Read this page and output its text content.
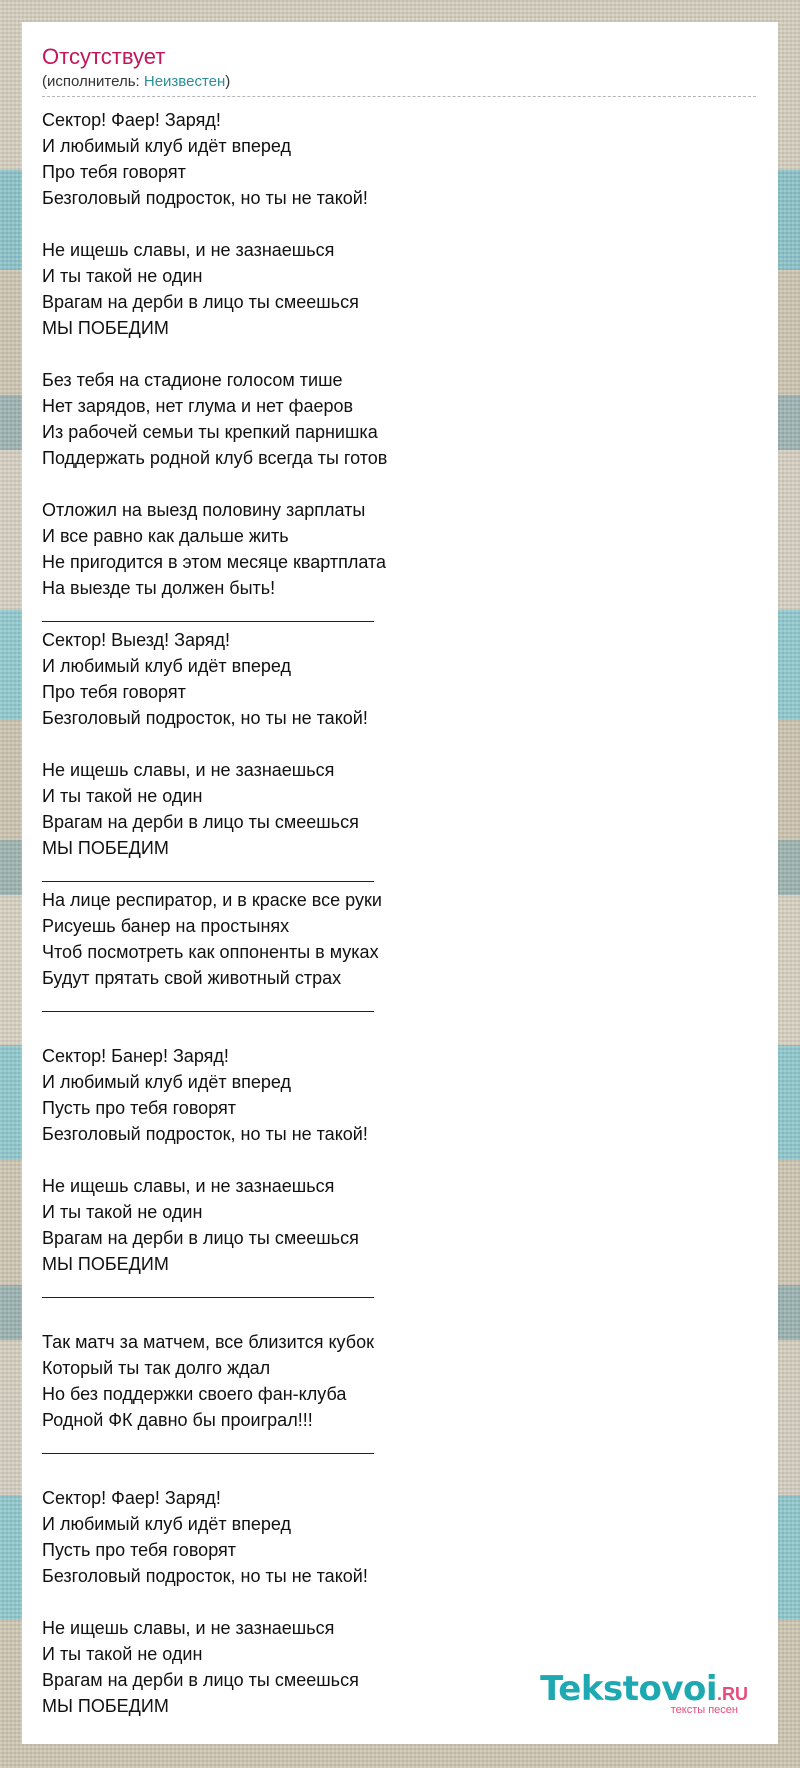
Отсутствует
(исполнитель: Неизвестен)
Сектор! Фаер! Заряд!
И любимый клуб идёт вперед
Про тебя говорят
Безголовый подросток, но ты не такой!
Не ищешь славы, и не зазнаешься
И ты такой не один
Врагам на дерби в лицо ты смеешься
МЫ ПОБЕДИМ
Без тебя на стадионе голосом тише
Нет зарядов, нет глума и нет фаеров
Из рабочей семьи ты крепкий парнишка
Поддержать родной клуб всегда ты готов
Отложил на выезд половину зарплаты
И все равно как дальше жить
Не пригодится в этом месяце квартплата
На выезде ты должен быть!
Сектор! Выезд! Заряд!
И любимый клуб идёт вперед
Про тебя говорят
Безголовый подросток, но ты не такой!
Не ищешь славы, и не зазнаешься
И ты такой не один
Врагам на дерби в лицо ты смеешься
МЫ ПОБЕДИМ
На лице респиратор, и в краске все руки
Рисуешь банер на простынях
Чтоб посмотреть как оппоненты в муках
Будут прятать свой животный страх
Сектор! Банер! Заряд!
И любимый клуб идёт вперед
Пусть про тебя говорят
Безголовый подросток, но ты не такой!
Не ищешь славы, и не зазнаешься
И ты такой не один
Врагам на дерби в лицо ты смеешься
МЫ ПОБЕДИМ
Так матч за матчем, все близится кубок
Который ты так долго ждал
Но без поддержки своего фан-клуба
Родной ФК давно бы проиграл!!!
Сектор! Фаер! Заряд!
И любимый клуб идёт вперед
Пусть про тебя говорят
Безголовый подросток, но ты не такой!
Не ищешь славы, и не зазнаешься
И ты такой не один
Врагам на дерби в лицо ты смеешься
МЫ ПОБЕДИМ	Tekstovoi.RU
тексты песен
